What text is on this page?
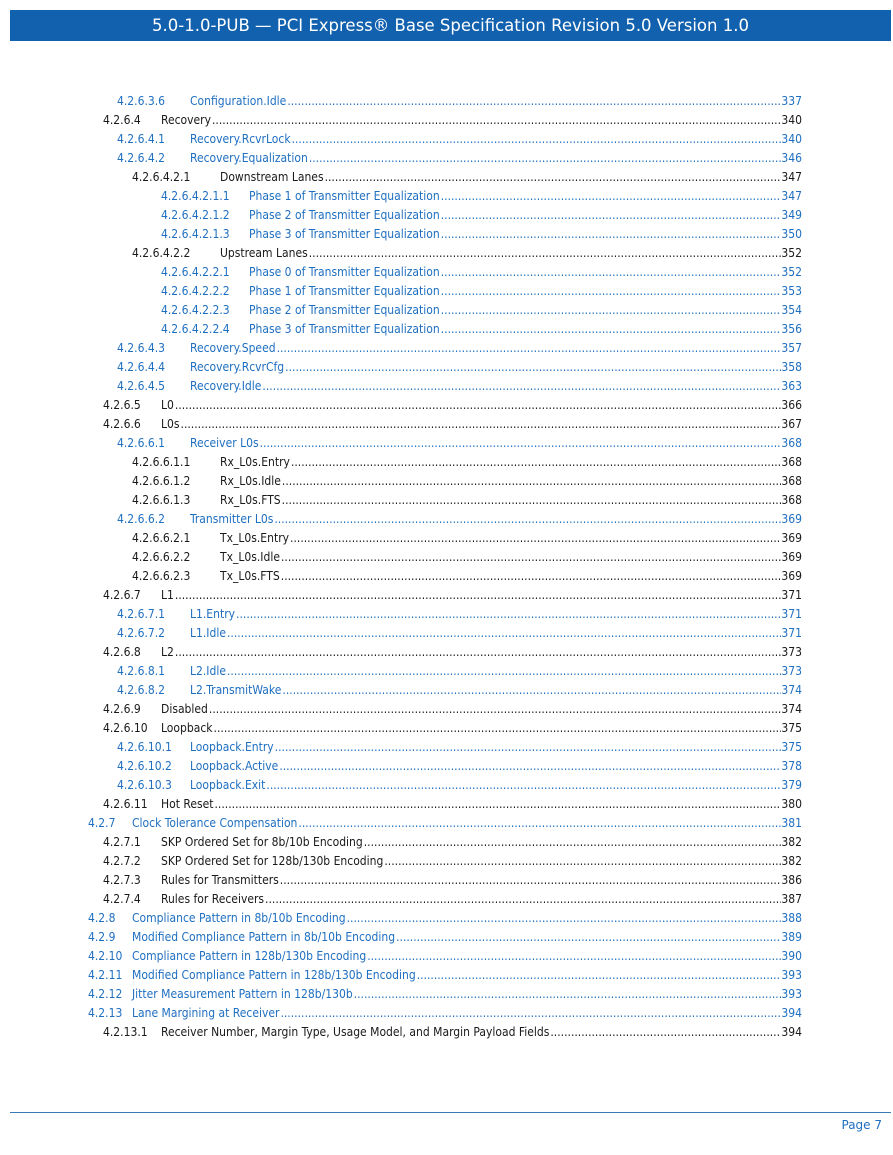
5.0-1.0-PUB — PCI Express® Base Specification Revision 5.0 Version 1.0
4.2.6.3.6	Configuration.Idle .....	337
4.2.6.4	Recovery .....	340
4.2.6.4.1	Recovery.RcvrLock .....	340
4.2.6.4.2	Recovery.Equalization .....	346
4.2.6.4.2.1	Downstream Lanes .....	347
4.2.6.4.2.1.1	Phase 1 of Transmitter Equalization .....	347
4.2.6.4.2.1.2	Phase 2 of Transmitter Equalization .....	349
4.2.6.4.2.1.3	Phase 3 of Transmitter Equalization .....	350
4.2.6.4.2.2	Upstream Lanes .....	352
4.2.6.4.2.2.1	Phase 0 of Transmitter Equalization .....	352
4.2.6.4.2.2.2	Phase 1 of Transmitter Equalization .....	353
4.2.6.4.2.2.3	Phase 2 of Transmitter Equalization .....	354
4.2.6.4.2.2.4	Phase 3 of Transmitter Equalization .....	356
4.2.6.4.3	Recovery.Speed .....	357
4.2.6.4.4	Recovery.RcvrCfg .....	358
4.2.6.4.5	Recovery.Idle .....	363
4.2.6.5	L0 .....	366
4.2.6.6	L0s .....	367
4.2.6.6.1	Receiver L0s .....	368
4.2.6.6.1.1	Rx_L0s.Entry .....	368
4.2.6.6.1.2	Rx_L0s.Idle .....	368
4.2.6.6.1.3	Rx_L0s.FTS .....	368
4.2.6.6.2	Transmitter L0s .....	369
4.2.6.6.2.1	Tx_L0s.Entry .....	369
4.2.6.6.2.2	Tx_L0s.Idle .....	369
4.2.6.6.2.3	Tx_L0s.FTS .....	369
4.2.6.7	L1 .....	371
4.2.6.7.1	L1.Entry .....	371
4.2.6.7.2	L1.Idle .....	371
4.2.6.8	L2 .....	373
4.2.6.8.1	L2.Idle .....	373
4.2.6.8.2	L2.TransmitWake .....	374
4.2.6.9	Disabled .....	374
4.2.6.10	Loopback .....	375
4.2.6.10.1	Loopback.Entry .....	375
4.2.6.10.2	Loopback.Active .....	378
4.2.6.10.3	Loopback.Exit .....	379
4.2.6.11	Hot Reset .....	380
4.2.7	Clock Tolerance Compensation .....	381
4.2.7.1	SKP Ordered Set for 8b/10b Encoding .....	382
4.2.7.2	SKP Ordered Set for 128b/130b Encoding .....	382
4.2.7.3	Rules for Transmitters .....	386
4.2.7.4	Rules for Receivers .....	387
4.2.8	Compliance Pattern in 8b/10b Encoding .....	388
4.2.9	Modified Compliance Pattern in 8b/10b Encoding .....	389
4.2.10 Compliance Pattern in 128b/130b Encoding .....	390
4.2.11 Modified Compliance Pattern in 128b/130b Encoding .....	393
4.2.12 Jitter Measurement Pattern in 128b/130b .....	393
4.2.13 Lane Margining at Receiver .....	394
4.2.13.1	Receiver Number, Margin Type, Usage Model, and Margin Payload Fields .....	394
Page 7
